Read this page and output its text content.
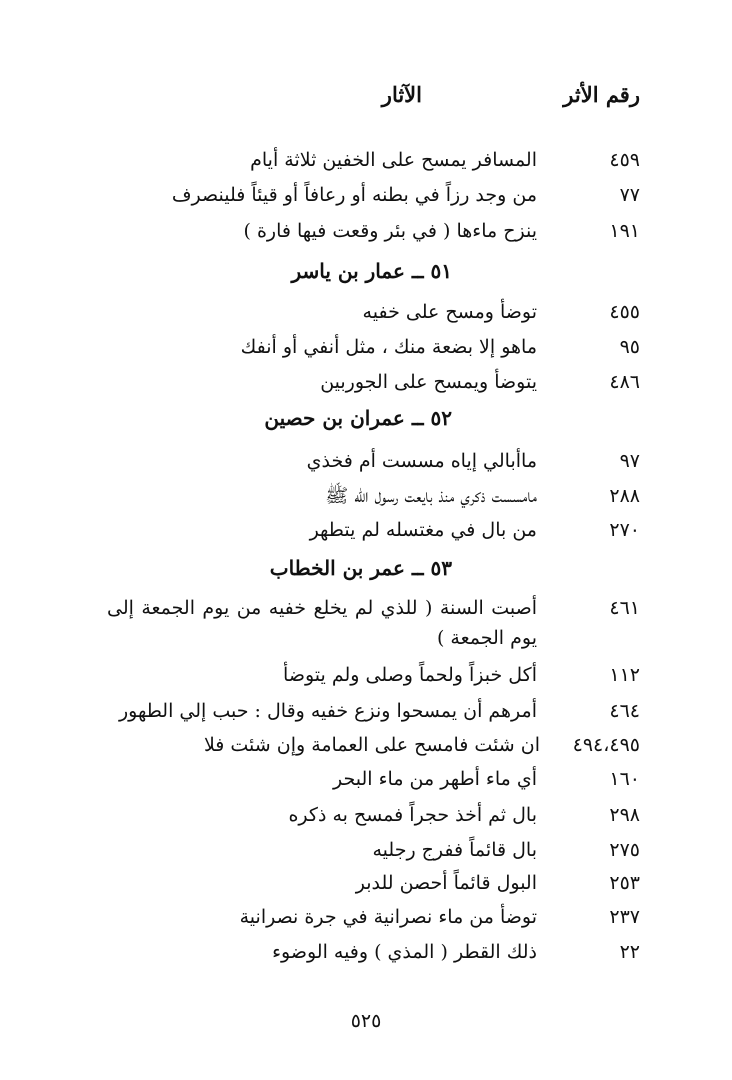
رقم الأثر
الآثار
٤٥٩
المسافر يمسح على الخفين ثلاثة أيام
٧٧
من وجد رزاً في بطنه أو رعافاً أو قيئاً فلينصرف
١٩١
ينزح ماءها ( في بئر وقعت فيها فارة )
٥١ ــ عمار بن ياسر
٤٥٥
توضأ ومسح على خفيه
٩٥
ماهو إلا بضعة منك ، مثل أنفي أو أنفك
٤٨٦
يتوضأ ويمسح على الجوربين
٥٢ ــ عمران بن حصين
٩٧
ماأبالي إياه مسست أم فخذي
٢٨٨
مامسست ذكري منذ بايعت رسول الله ﷺ
٢٧٠
من بال في مغتسله لم يتطهر
٥٣ ــ عمر بن الخطاب
٤٦١
أصبت السنة ( للذي لم يخلع خفيه من يوم الجمعة إلى يوم الجمعة )
١١٢
أكل خبزاً ولحماً وصلى ولم يتوضأ
٤٦٤
أمرهم أن يمسحوا ونزع خفيه وقال : حبب إلي الطهور
٤٩٤،٤٩٥
ان شئت فامسح على العمامة وإن شئت فلا
١٦٠
أي ماء أطهر من ماء البحر
٢٩٨
بال ثم أخذ حجراً فمسح به ذكره
٢٧٥
بال قائماً ففرج رجليه
٢٥٣
البول قائماً أحصن للدبر
٢٣٧
توضأ من ماء نصرانية في جرة نصرانية
٢٢
ذلك القطر ( المذي ) وفيه الوضوء
٥٢٥
